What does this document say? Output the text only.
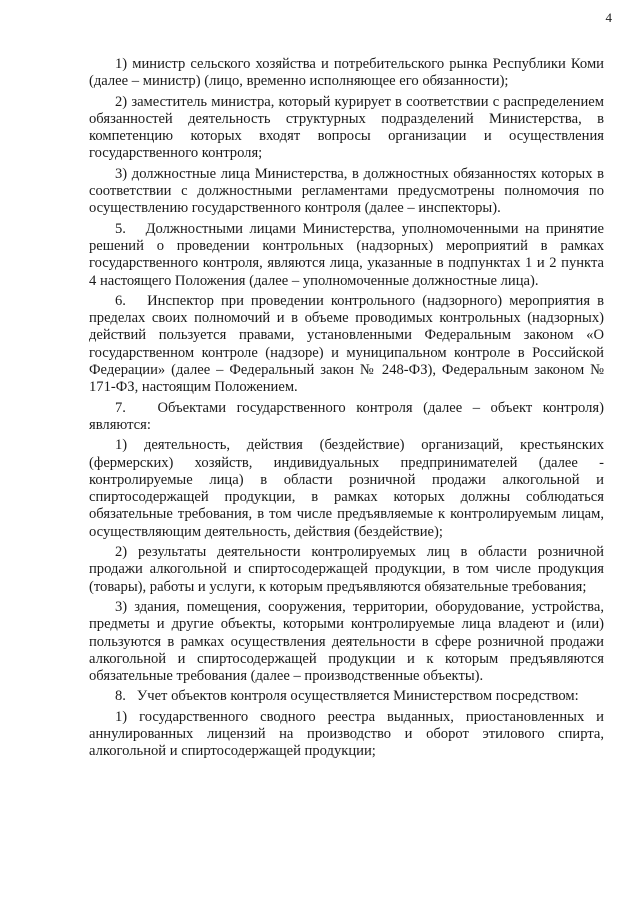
4

1) министр сельского хозяйства и потребительского рынка Республики Коми (далее – министр) (лицо, временно исполняющее его обязанности);

2) заместитель министра, который курирует в соответствии с распределением обязанностей деятельность структурных подразделений Министерства, в компетенцию которых входят вопросы организации и осуществления государственного контроля;

3) должностные лица Министерства, в должностных обязанностях которых в соответствии с должностными регламентами предусмотрены полномочия по осуществлению государственного контроля (далее – инспекторы).

5.   Должностными лицами Министерства, уполномоченными на принятие решений о проведении контрольных (надзорных) мероприятий в рамках государственного контроля, являются лица, указанные в подпунктах 1 и 2 пункта 4 настоящего Положения (далее – уполномоченные должностные лица).

6.   Инспектор при проведении контрольного (надзорного) мероприятия в пределах своих полномочий и в объеме проводимых контрольных (надзорных) действий пользуется правами, установленными Федеральным законом «О государственном контроле (надзоре) и муниципальном контроле в Российской Федерации» (далее – Федеральный закон № 248-ФЗ), Федеральным законом № 171-ФЗ, настоящим Положением.

7.   Объектами государственного контроля (далее – объект контроля) являются:

1) деятельность, действия (бездействие) организаций, крестьянских (фермерских) хозяйств, индивидуальных предпринимателей (далее - контролируемые лица) в области розничной продажи алкогольной и спиртосодержащей продукции, в рамках которых должны соблюдаться обязательные требования, в том числе предъявляемые к контролируемым лицам, осуществляющим деятельность, действия (бездействие);

2) результаты деятельности контролируемых лиц в области розничной продажи алкогольной и спиртосодержащей продукции, в том числе продукция (товары), работы и услуги, к которым предъявляются обязательные требования;

3) здания, помещения, сооружения, территории, оборудование, устройства, предметы и другие объекты, которыми контролируемые лица владеют и (или) пользуются в рамках осуществления деятельности в сфере розничной продажи алкогольной и спиртосодержащей продукции и к которым предъявляются обязательные требования (далее – производственные объекты).

8.   Учет объектов контроля осуществляется Министерством посредством:

1) государственного сводного реестра выданных, приостановленных и аннулированных лицензий на производство и оборот этилового спирта, алкогольной и спиртосодержащей продукции;
